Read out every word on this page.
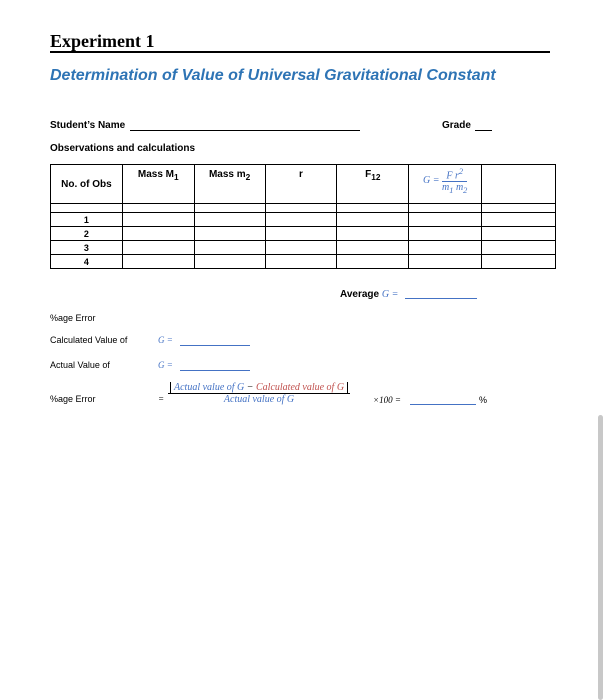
Experiment 1
Determination of Value of Universal Gravitational Constant
Student’s Name	Grade
Observations and calculations
No. of Obs	Mass $M_1$	Mass $m_2$	r	$F_{12}$	$G = \frac{F r^2}{m_1 m_2}$

1						
2						
3						
4						
Average G =
%age Error
Calculated Value of	G =
Actual Value of	G =
%age Error	=
Actual value of G − Calculated value of G
Actual value of G	×100 =	%
